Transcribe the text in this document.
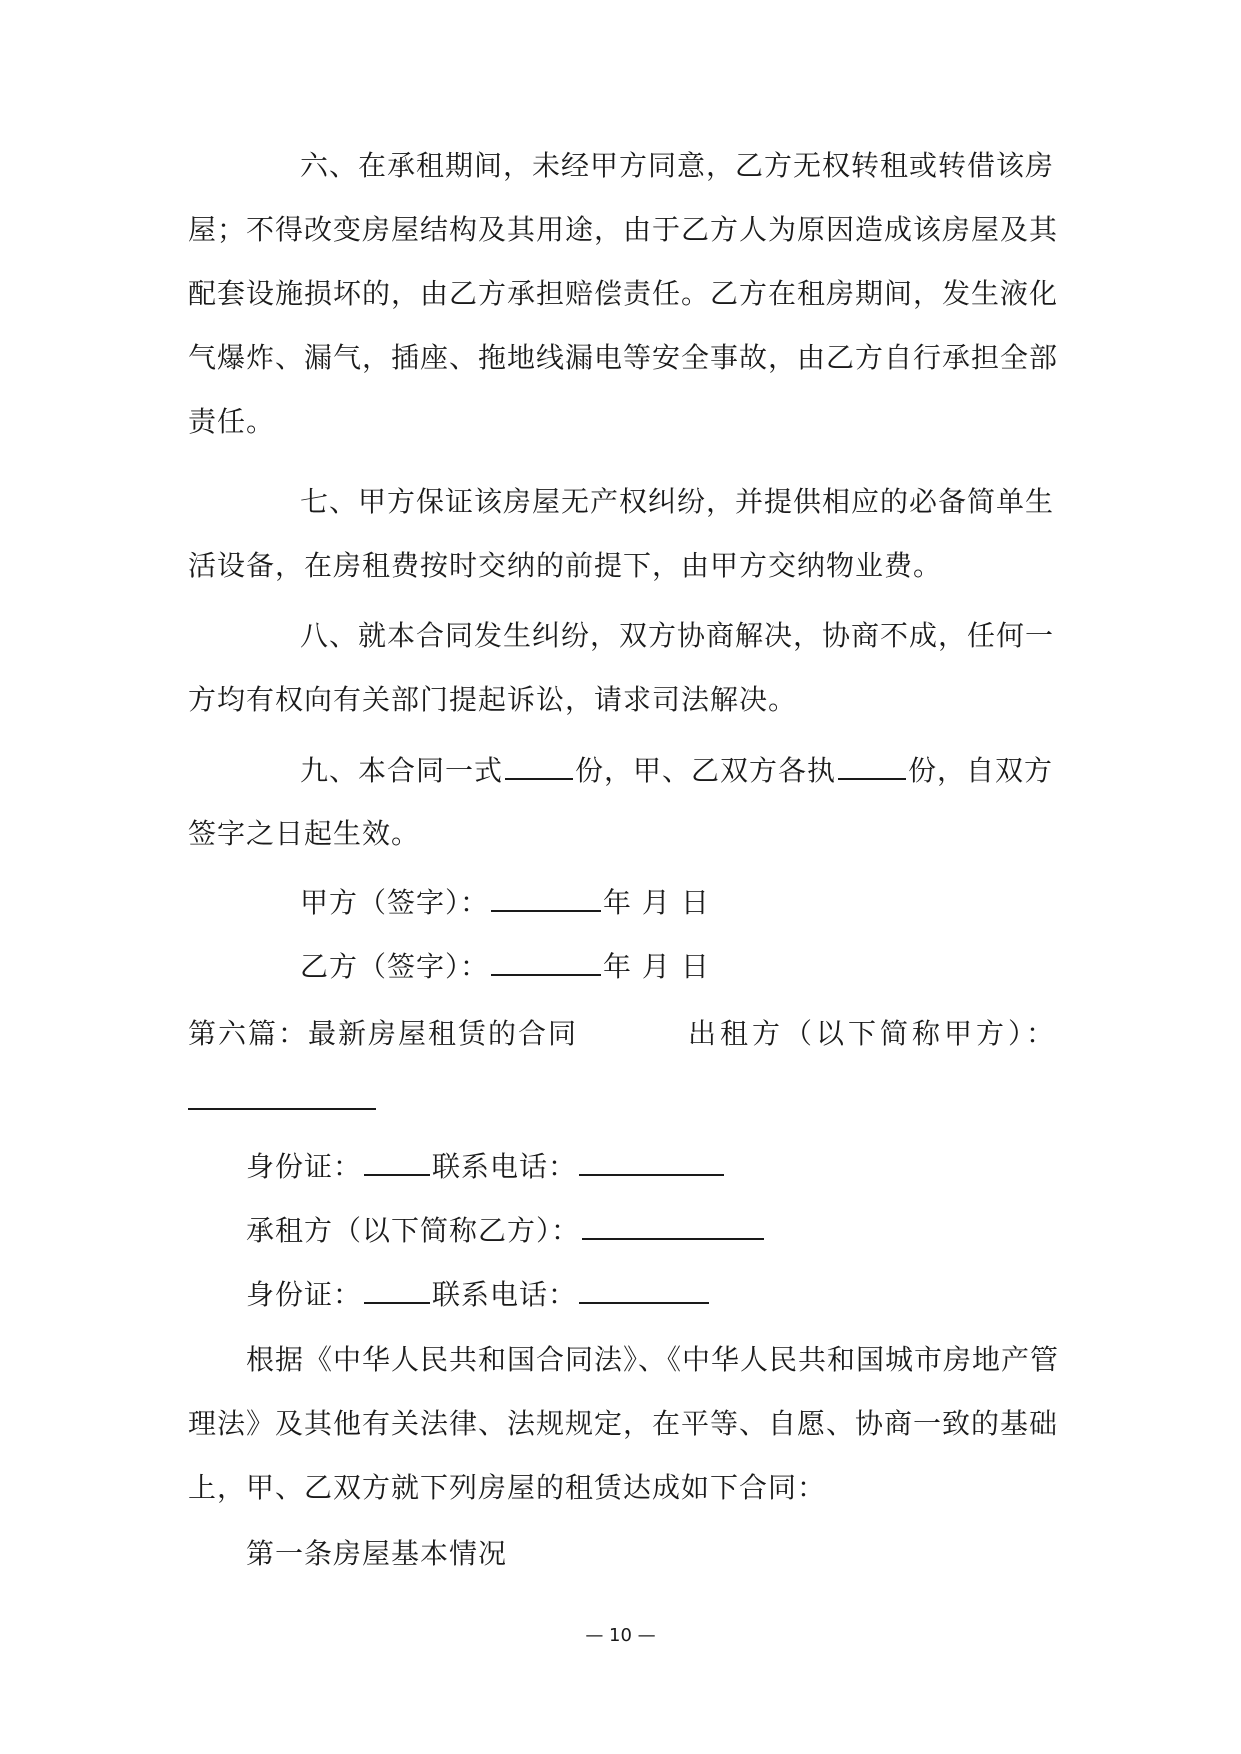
六、在承租期间，未经甲方同意，乙方无权转租或转借该房
屋；不得改变房屋结构及其用途，由于乙方人为原因造成该房屋及其
配套设施损坏的，由乙方承担赔偿责任。乙方在租房期间，发生液化
气爆炸、漏气，插座、拖地线漏电等安全事故，由乙方自行承担全部
责任。
七、甲方保证该房屋无产权纠纷，并提供相应的必备简单生
活设备，在房租费按时交纳的前提下，由甲方交纳物业费。
八、就本合同发生纠纷，双方协商解决，协商不成，任何一
方均有权向有关部门提起诉讼，请求司法解决。
九、本合同一式	份，甲、乙双方各执	份，自双方
签字之日起生效。
甲方（签字）：	年 月 日
乙方（签字）：	年 月 日
第六篇：最新房屋租赁的合同	出租方（以下简称甲方）：
身份证：	联系电话：
承租方（以下简称乙方）：
身份证：	联系电话：
根据《中华人民共和国合同法》、《中华人民共和国城市房地产管
理法》及其他有关法律、法规规定，在平等、自愿、协商一致的基础
上，甲、乙双方就下列房屋的租赁达成如下合同：
第一条房屋基本情况
— 10 —
